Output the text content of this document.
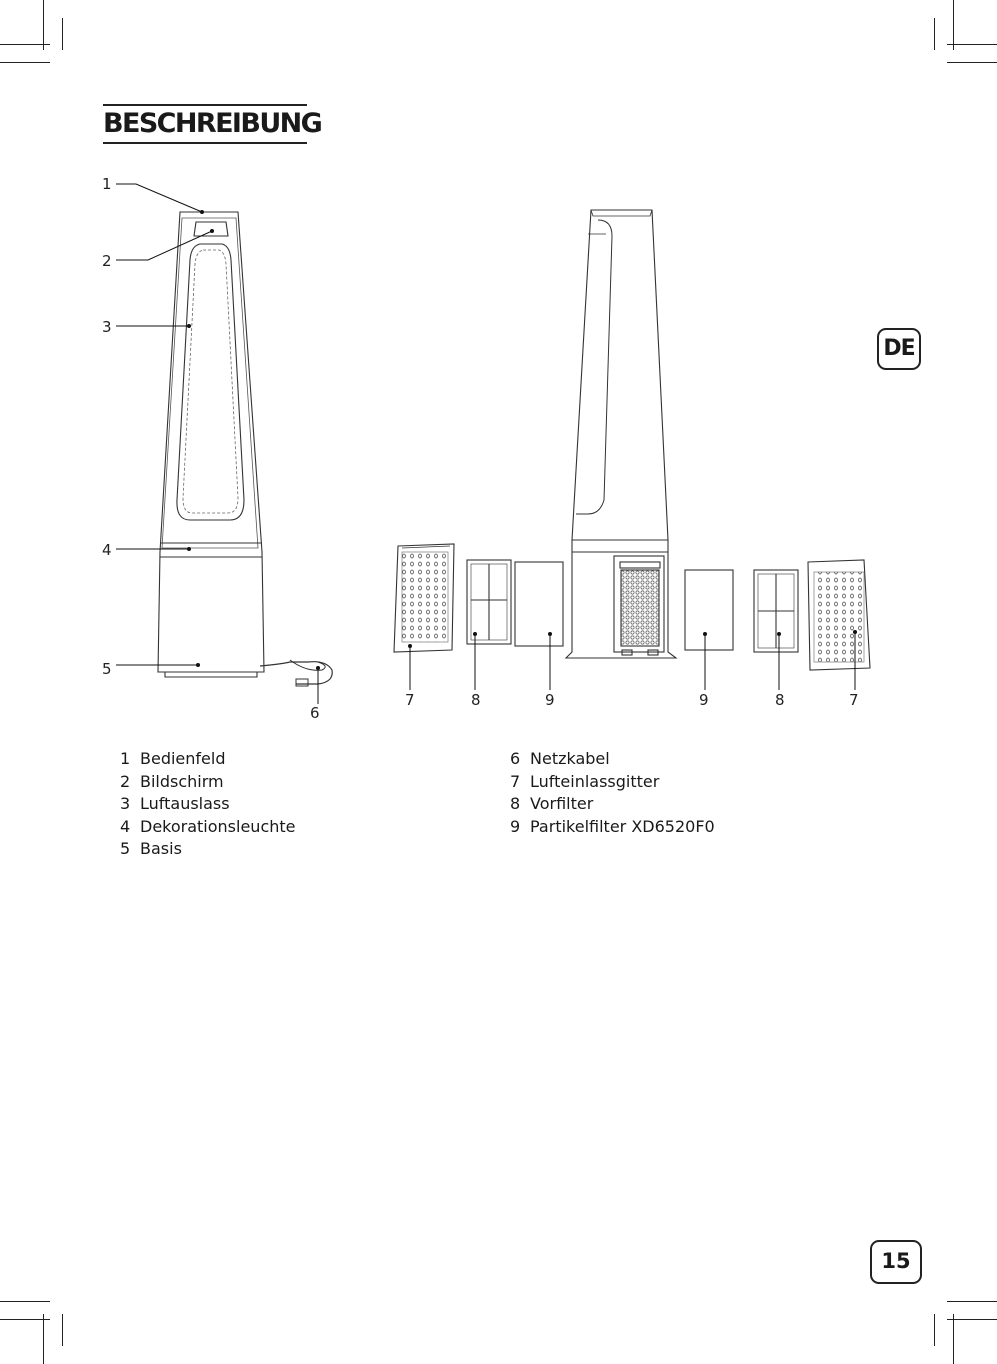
BESCHREIBUNG
DE
1
2
3
4
5
6
7	8	9	9	8	7
1 Bedienfeld
2 Bildschirm
3 Luftauslass
4 Dekorationsleuchte
5 Basis
6 Netzkabel
7 Lufteinlassgitter
8 Vorfilter
9 Partikelfilter XD6520F0
15
